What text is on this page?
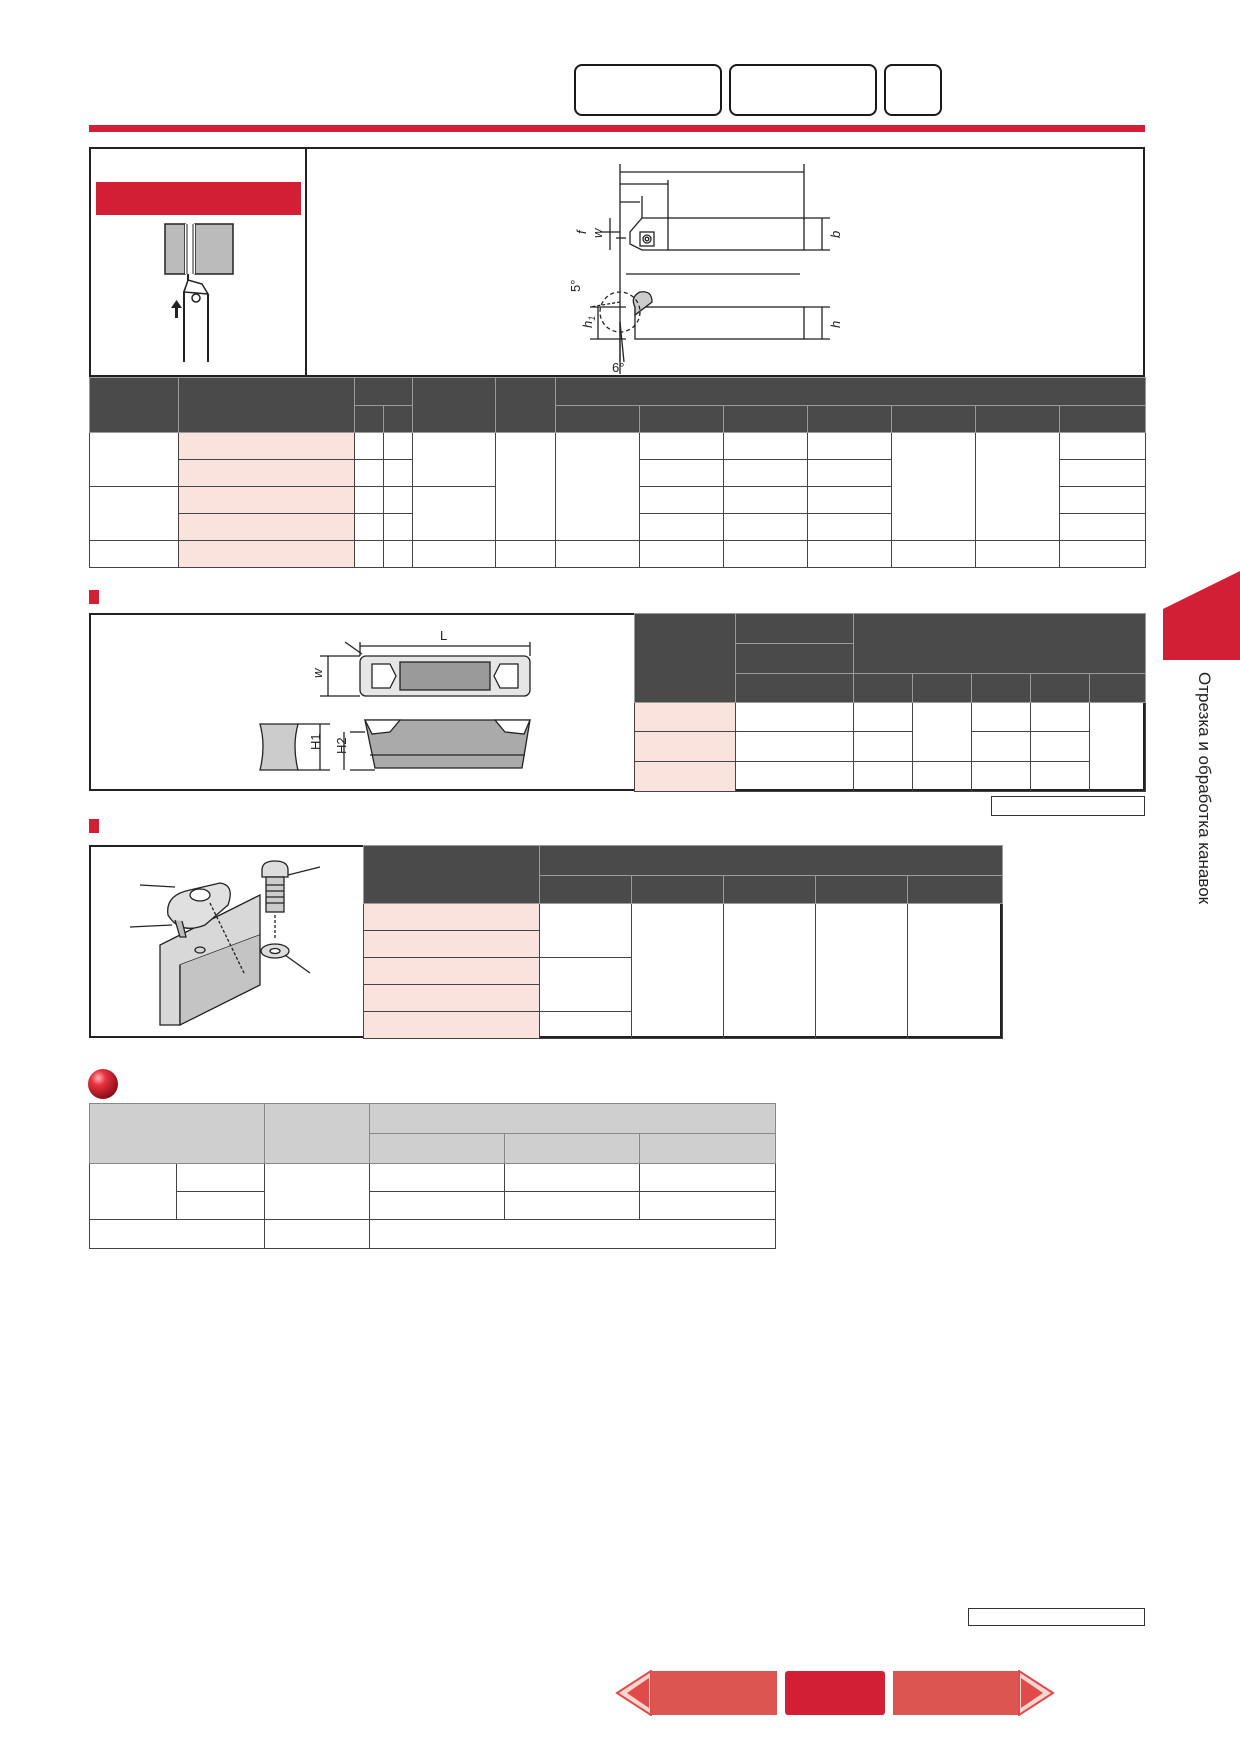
5°
6°
f w	b
h
$h_1$

L
w
H1 H2

			Отрезка и обработка канавок
